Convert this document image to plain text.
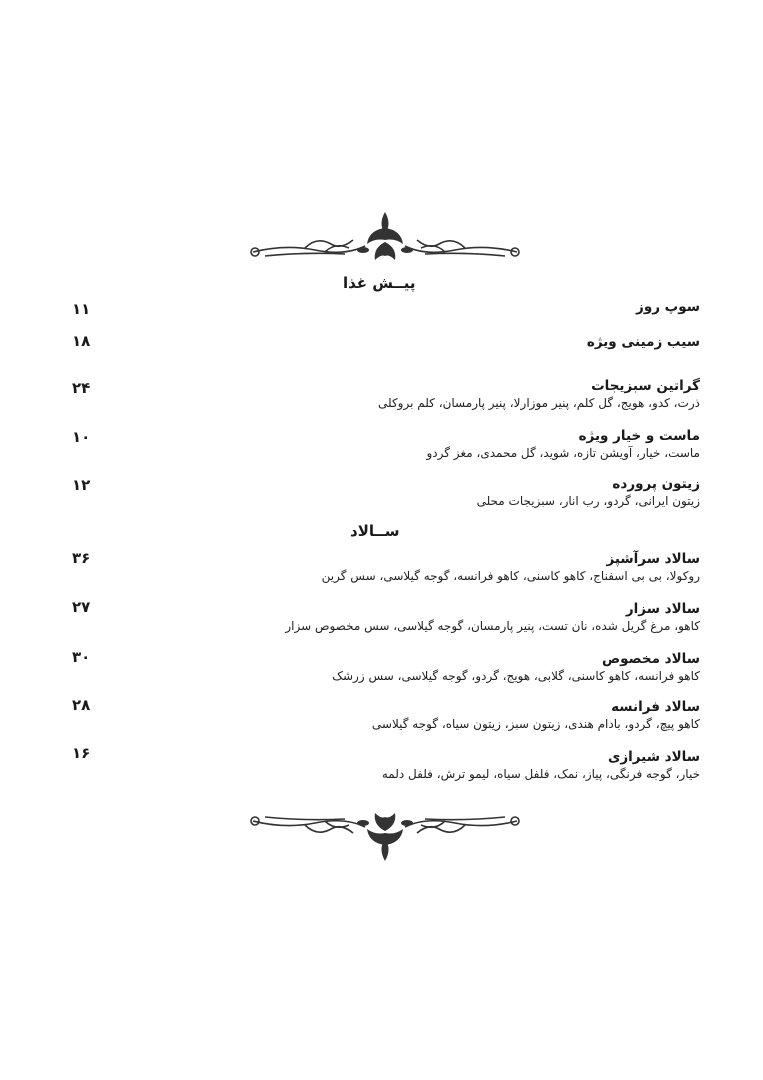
پیــش غذا
سوپ روز
۱۱
سیب زمینی ویژه
۱۸
گراتین سبزیجات
ذرت، کدو، هویج، گل کلم، پنیر موزارلا، پنیر پارمسان، کلم بروکلی
۲۴
ماست و خیار ویژه
ماست، خیار، آویشن تازه، شوید، گل محمدی، مغز گردو
۱۰
زیتون پرورده
زیتون ایرانی، گردو، رب انار، سبزیجات محلی
۱۲
ســالاد
سالاد سرآشپز
روکولا، بی بی اسفناج، کاهو کاسنی، کاهو فرانسه، گوجه گیلاسی، سس گرین
۳۶
سالاد سزار
کاهو، مرغ گریل شده، نان تست، پنیر پارمسان، گوجه گیلاسی، سس مخصوص سزار
۲۷
سالاد مخصوص
کاهو فرانسه، کاهو کاسنی، گلابی، هویج، گردو، گوجه گیلاسی، سس زرشک
۳۰
سالاد فرانسه
کاهو پیچ، گردو، بادام هندی، زیتون سبز، زیتون سیاه، گوجه گیلاسی
۲۸
سالاد شیرازی
خیار، گوجه فرنگی، پیاز، نمک، فلفل سیاه، لیمو ترش، فلفل دلمه
۱۶
